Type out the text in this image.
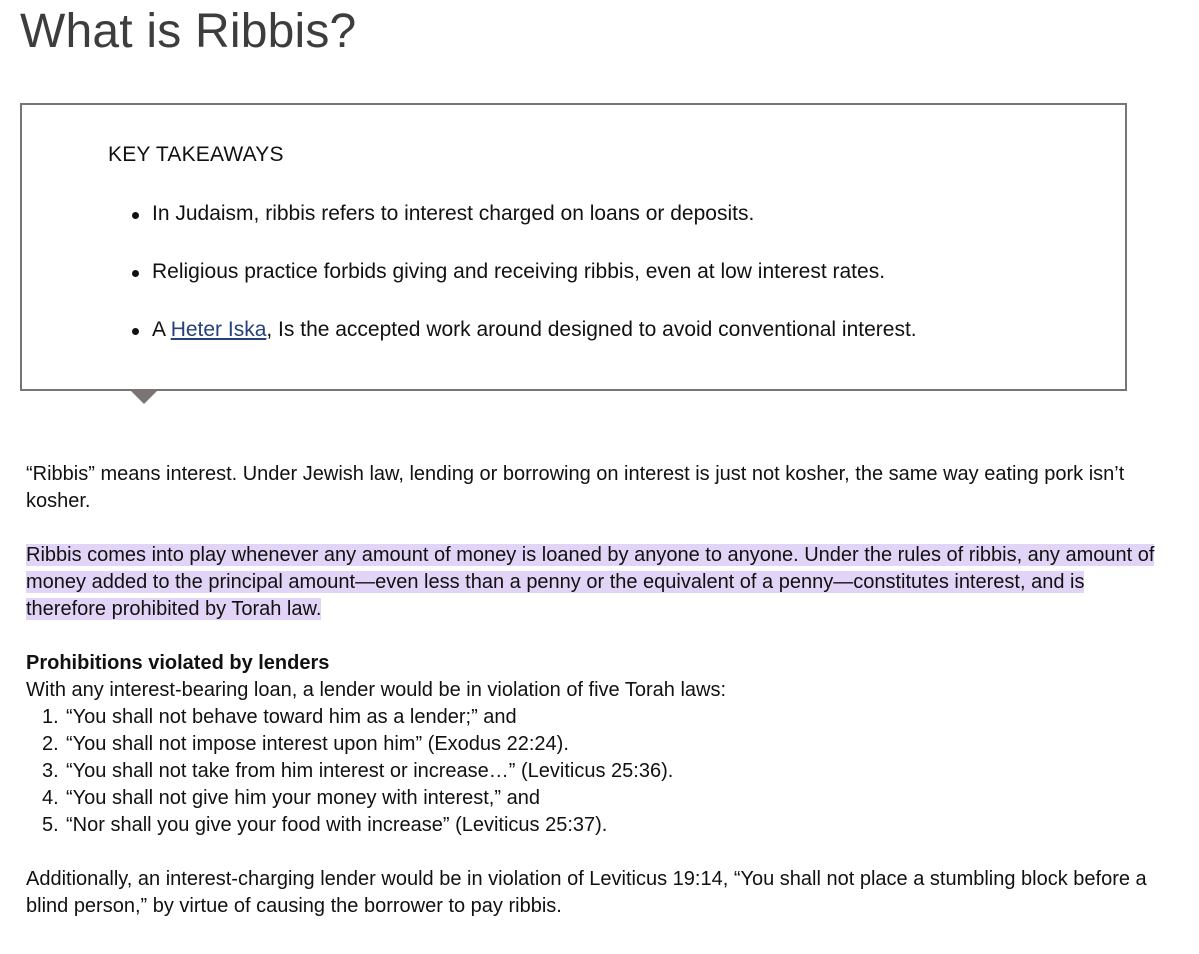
What is Ribbis?
KEY TAKEAWAYS
In Judaism, ribbis refers to interest charged on loans or deposits.
Religious practice forbids giving and receiving ribbis, even at low interest rates.
A Heter Iska, Is the accepted work around designed to avoid conventional interest.

“Ribbis” means interest. Under Jewish law, lending or borrowing on interest is just not kosher, the same way eating pork isn’t kosher.

Ribbis comes into play whenever any amount of money is loaned by anyone to anyone. Under the rules of ribbis, any amount of money added to the principal amount—even less than a penny or the equivalent of a penny—constitutes interest, and is therefore prohibited by Torah law.

Prohibitions violated by lenders

With any interest-bearing loan, a lender would be in violation of five Torah laws:

1. “You shall not behave toward him as a lender;” and
2. “You shall not impose interest upon him” (Exodus 22:24).
3. “You shall not take from him interest or increase…” (Leviticus 25:36).
4. “You shall not give him your money with interest,” and
5. “Nor shall you give your food with increase” (Leviticus 25:37).

Additionally, an interest-charging lender would be in violation of Leviticus 19:14, “You shall not place a stumbling block before a blind person,” by virtue of causing the borrower to pay ribbis.
